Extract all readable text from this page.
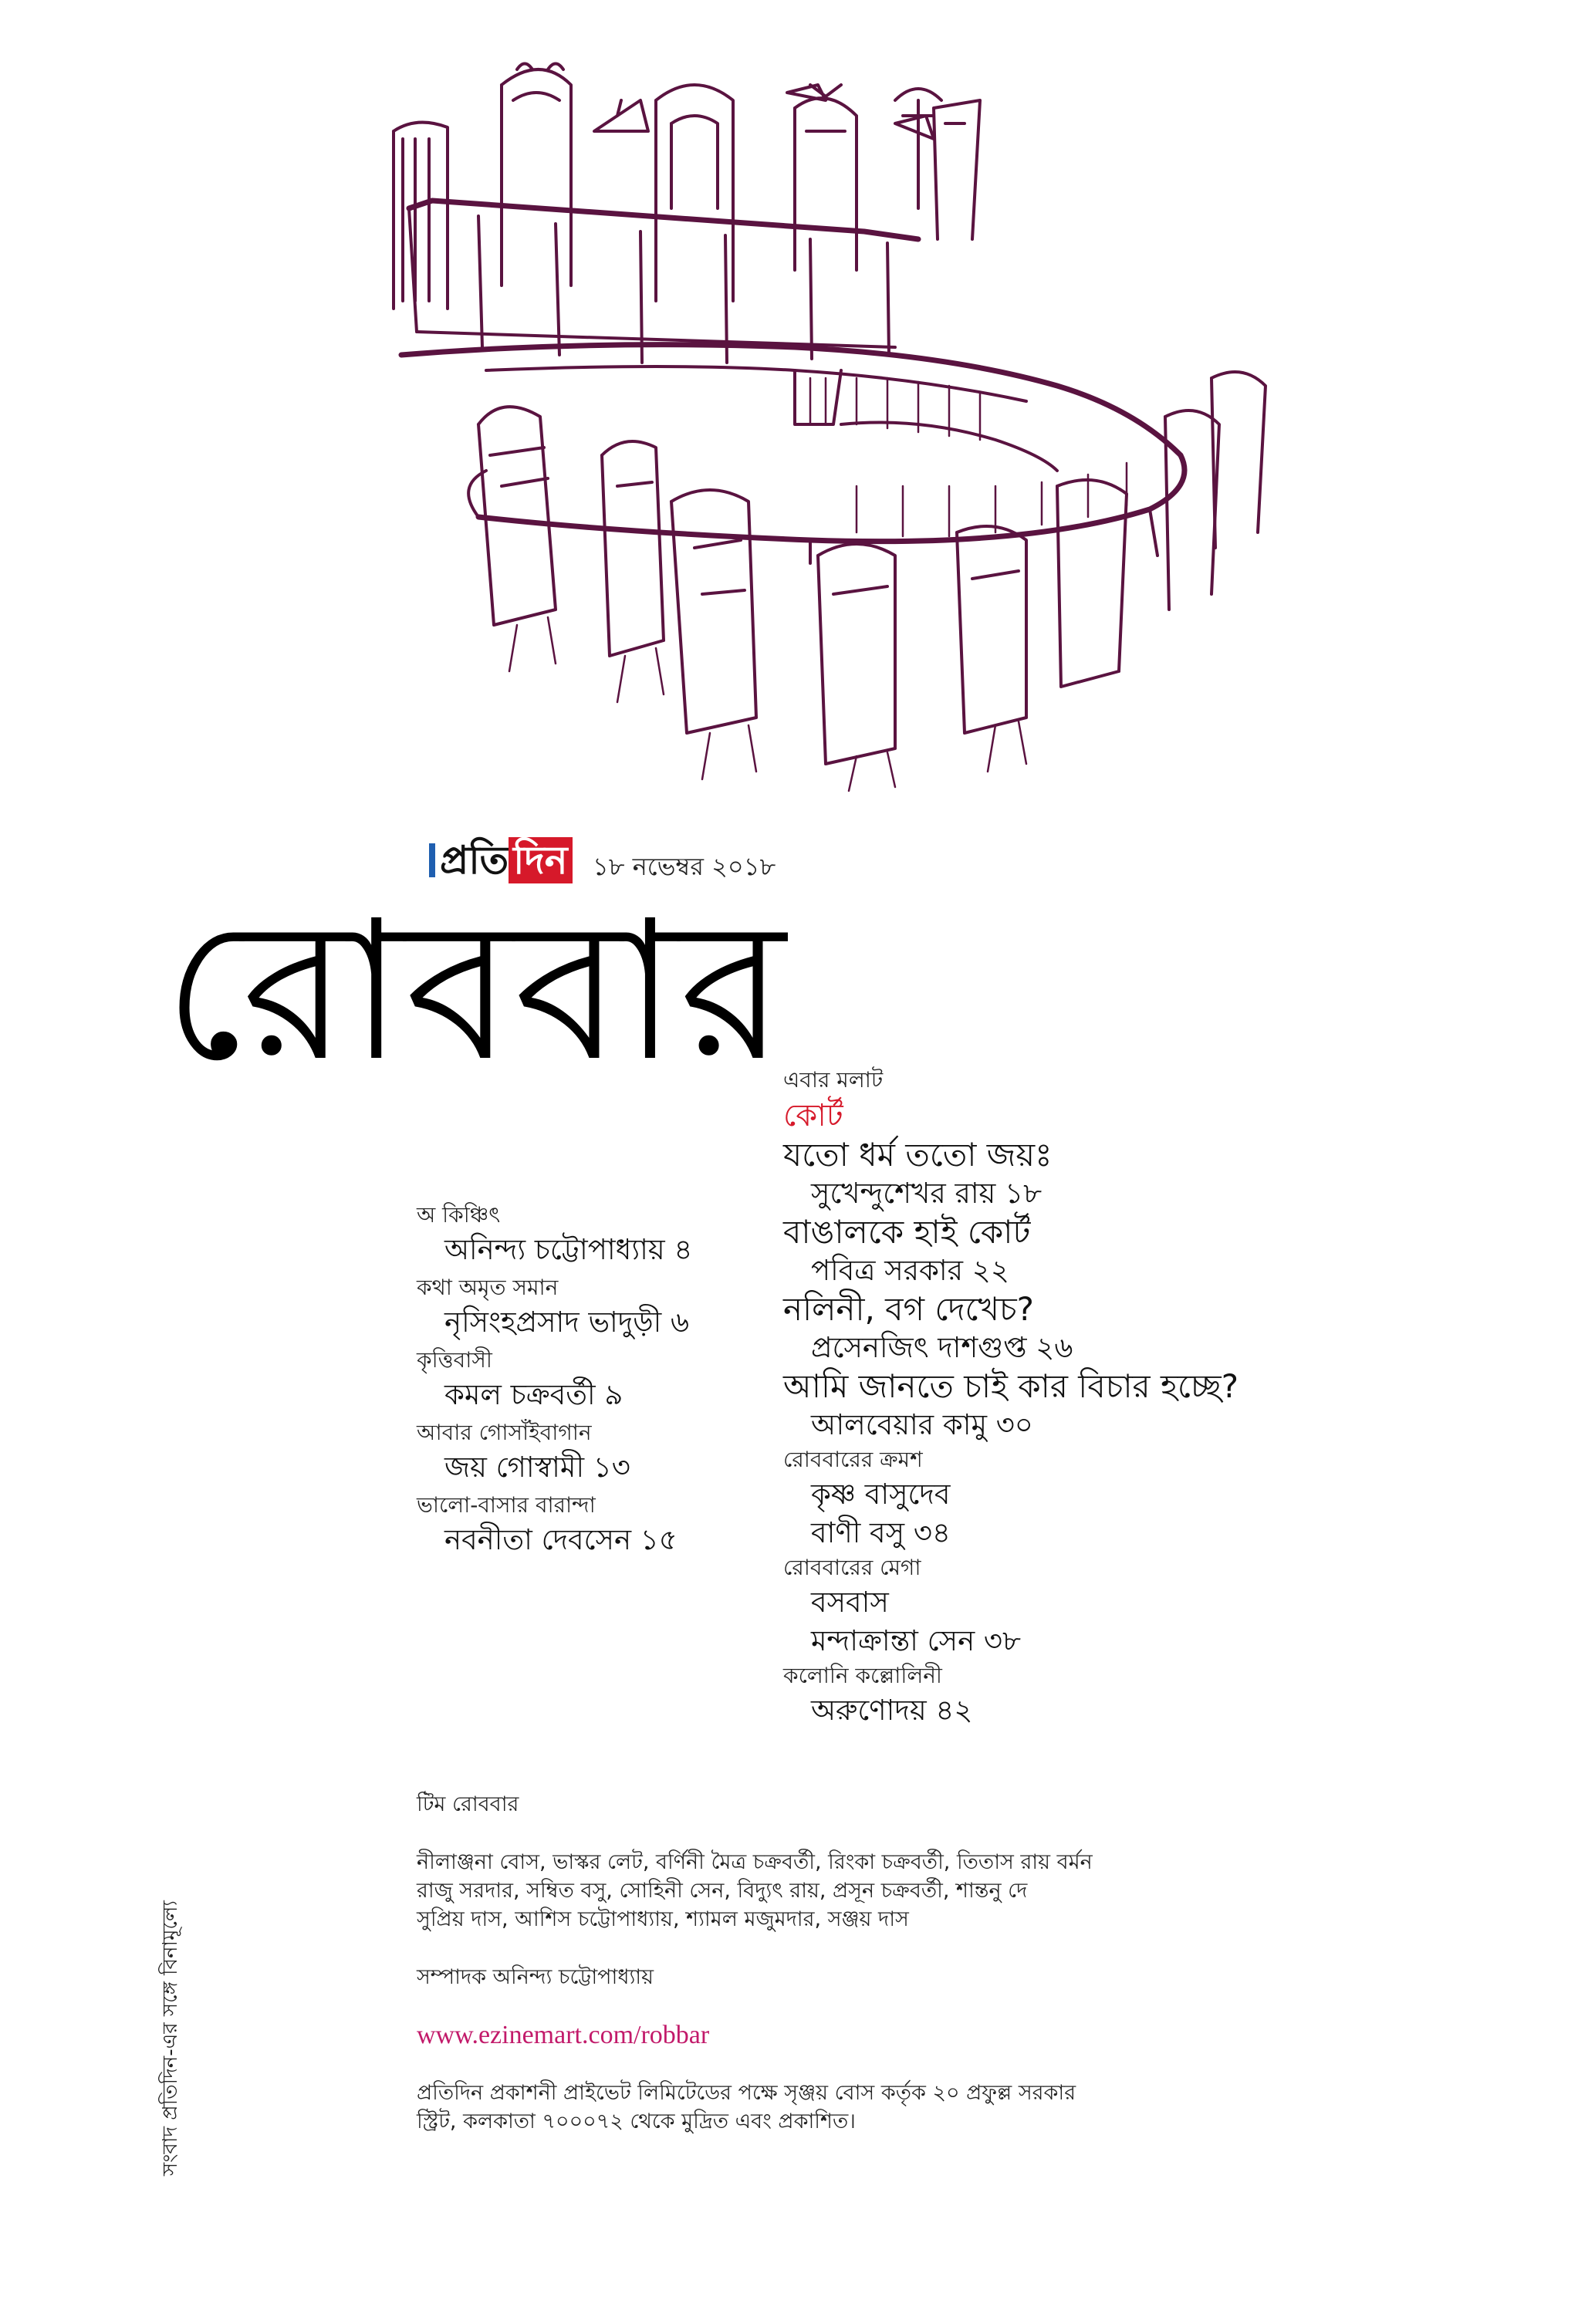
প্রতি দিন ১৮ নভেম্বর ২০১৮
রোববার
এবার মলাট
কোর্ট
যতো ধর্ম ততো জয়ঃ
সুখেন্দুশেখর রায় ১৮
বাঙালকে হাই কোর্ট
পবিত্র সরকার ২২
নলিনী, বগ দেখেচ?
প্রসেনজিৎ দাশগুপ্ত ২৬
আমি জানতে চাই কার বিচার হচ্ছে?
আলবেয়ার কামু ৩০
রোববারের ক্রমশ
কৃষ্ণ বাসুদেব
বাণী বসু ৩৪
রোববারের মেগা
বসবাস
মন্দাক্রান্তা সেন ৩৮
কলোনি কল্লোলিনী
অরুণোদয় ৪২
অ কিঞ্চিৎ
অনিন্দ্য চট্টোপাধ্যায় ৪
কথা অমৃত সমান
নৃসিংহপ্রসাদ ভাদুড়ী ৬
কৃত্তিবাসী
কমল চক্রবর্তী ৯
আবার গোসাঁইবাগান
জয় গোস্বামী ১৩
ভালো-বাসার বারান্দা
নবনীতা দেবসেন ১৫
টিম রোববার
নীলাঞ্জনা বোস, ভাস্কর লেট, বর্ণিনী মৈত্র চক্রবর্তী, রিংকা চক্রবর্তী, তিতাস রায় বর্মন
রাজু সরদার, সম্বিত বসু, সোহিনী সেন, বিদ্যুৎ রায়, প্রসূন চক্রবর্তী, শান্তনু দে
সুপ্রিয় দাস, আশিস চট্টোপাধ্যায়, শ্যামল মজুমদার, সঞ্জয় দাস
সম্পাদক অনিন্দ্য চট্টোপাধ্যায়
www.ezinemart.com/robbar
প্রতিদিন প্রকাশনী প্রাইভেট লিমিটেডের পক্ষে সৃঞ্জয় বোস কর্তৃক ২০ প্রফুল্ল সরকার
স্ট্রিট, কলকাতা ৭০০০৭২ থেকে মুদ্রিত এবং প্রকাশিত।
সংবাদ প্রতিদিন-এর সঙ্গে বিনামূল্যে
